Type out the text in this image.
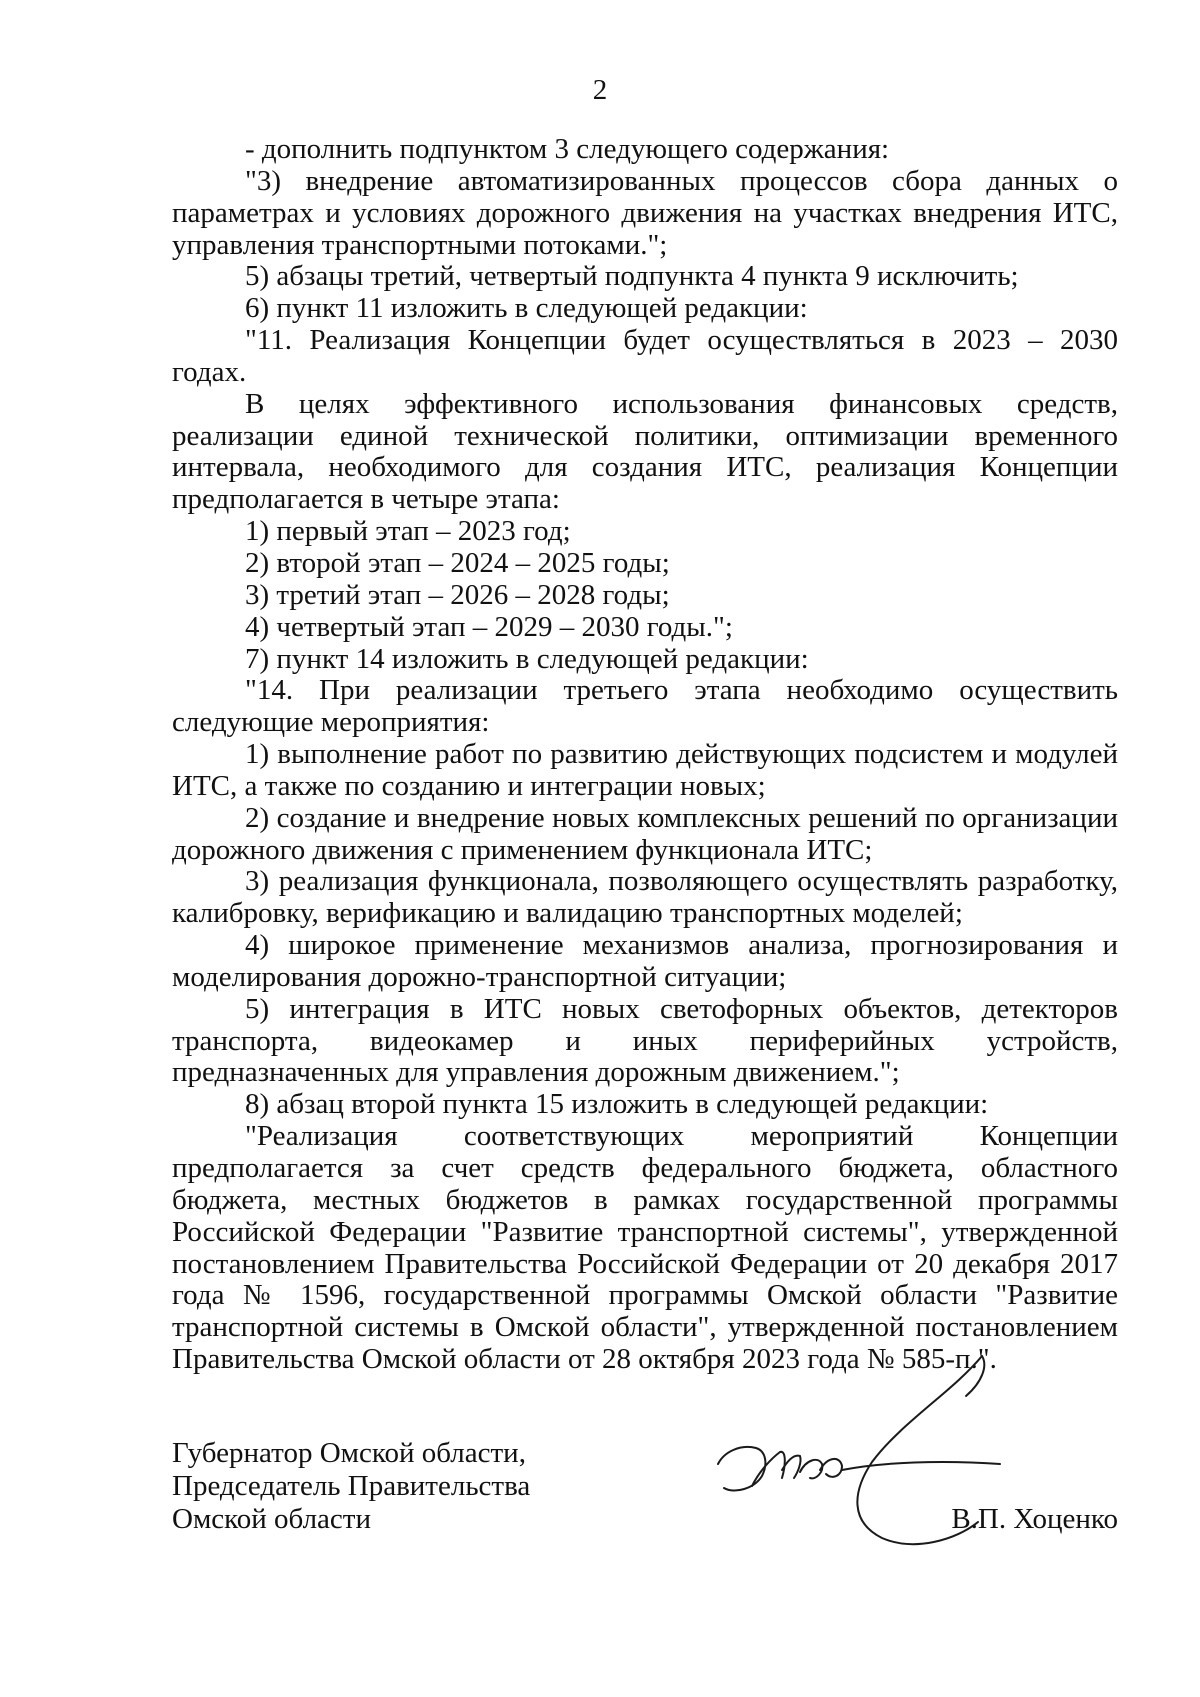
2

- дополнить подпунктом 3 следующего содержания:

"3) внедрение автоматизированных процессов сбора данных о параметрах и условиях дорожного движения на участках внедрения ИТС, управления транспортными потоками.";

5) абзацы третий, четвертый подпункта 4 пункта 9 исключить;

6) пункт 11 изложить в следующей редакции:

"11. Реализация Концепции будет осуществляться в 2023 – 2030 годах.

В целях эффективного использования финансовых средств, реализации единой технической политики, оптимизации временного интервала, необходимого для создания ИТС, реализация Концепции предполагается в четыре этапа:

1) первый этап – 2023 год;

2) второй этап – 2024 – 2025 годы;

3) третий этап – 2026 – 2028 годы;

4) четвертый этап – 2029 – 2030 годы.";

7) пункт 14 изложить в следующей редакции:

"14. При реализации третьего этапа необходимо осуществить следующие мероприятия:

1) выполнение работ по развитию действующих подсистем и модулей ИТС, а также по созданию и интеграции новых;

2) создание и внедрение новых комплексных решений по организации дорожного движения с применением функционала ИТС;

3) реализация функционала, позволяющего осуществлять разработку, калибровку, верификацию и валидацию транспортных моделей;

4) широкое применение механизмов анализа, прогнозирования и моделирования дорожно-транспортной ситуации;

5) интеграция в ИТС новых светофорных объектов, детекторов транспорта, видеокамер и иных периферийных устройств, предназначенных для управления дорожным движением.";

8) абзац второй пункта 15 изложить в следующей редакции:

"Реализация соответствующих мероприятий Концепции предполагается за счет средств федерального бюджета, областного бюджета, местных бюджетов в рамках государственной программы Российской Федерации "Развитие транспортной системы", утвержденной постановлением Правительства Российской Федерации от 20 декабря 2017 года № 1596, государственной программы Омской области "Развитие транспортной системы в Омской области", утвержденной постановлением Правительства Омской области от 28 октября 2023 года № 585-п.".

Губернатор Омской области,

Председатель Правительства

Омской области	В.П. Хоценко
